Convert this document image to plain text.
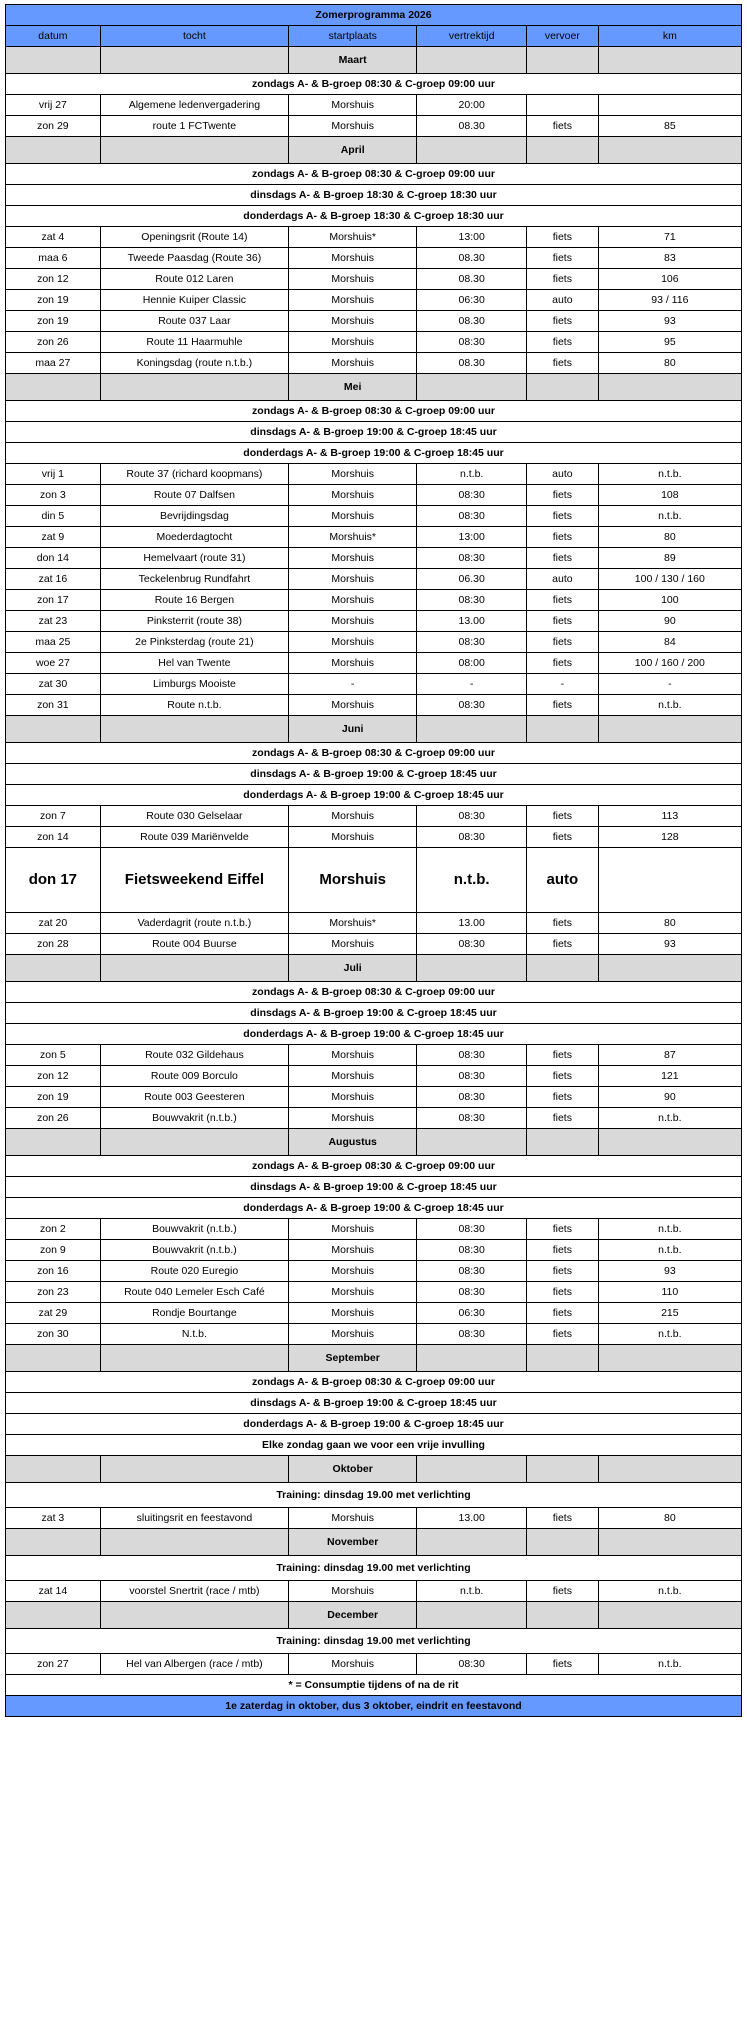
Zomerprogramma 2026					
datum	tocht	startplaats	vertrektijd	vervoer	km
		Maart			
zondags A- & B-groep 08:30 & C-groep 09:00 uur					
vrij 27	Algemene ledenvergadering	Morshuis	20:00		
zon 29	route 1 FCTwente	Morshuis	08.30	fiets	85
		April			
zondags A- & B-groep 08:30 & C-groep 09:00 uur					
dinsdags A- & B-groep 18:30 & C-groep 18:30 uur					
donderdags A- & B-groep 18:30 & C-groep 18:30 uur					
zat 4	Openingsrit (Route 14)	Morshuis*	13:00	fiets	71
maa 6	Tweede Paasdag (Route 36)	Morshuis	08.30	fiets	83
zon 12	Route 012 Laren	Morshuis	08.30	fiets	106
zon 19	Hennie Kuiper Classic	Morshuis	06:30	auto	93 / 116
zon 19	Route 037 Laar	Morshuis	08.30	fiets	93
zon 26	Route 11 Haarmuhle	Morshuis	08:30	fiets	95
maa 27	Koningsdag (route n.t.b.)	Morshuis	08.30	fiets	80
		Mei			
zondags A- & B-groep 08:30 & C-groep 09:00 uur					
dinsdags A- & B-groep 19:00 & C-groep 18:45 uur					
donderdags A- & B-groep 19:00 & C-groep 18:45 uur					
vrij 1	Route 37 (richard koopmans)	Morshuis	n.t.b.	auto	n.t.b.
zon 3	Route 07 Dalfsen	Morshuis	08:30	fiets	108
din 5	Bevrijdingsdag	Morshuis	08:30	fiets	n.t.b.
zat 9	Moederdagtocht	Morshuis*	13:00	fiets	80
don 14	Hemelvaart (route 31)	Morshuis	08:30	fiets	89
zat 16	Teckelenbrug Rundfahrt	Morshuis	06.30	auto	100 / 130 / 160
zon 17	Route 16 Bergen	Morshuis	08:30	fiets	100
zat 23	Pinksterrit (route 38)	Morshuis	13.00	fiets	90
maa 25	2e Pinksterdag (route 21)	Morshuis	08:30	fiets	84
woe 27	Hel van Twente	Morshuis	08:00	fiets	100 / 160 / 200
zat 30	Limburgs Mooiste	-	-	-	-
zon 31	Route n.t.b.	Morshuis	08:30	fiets	n.t.b.
		Juni			
zondags A- & B-groep 08:30 & C-groep 09:00 uur					
dinsdags A- & B-groep 19:00 & C-groep 18:45 uur					
donderdags A- & B-groep 19:00 & C-groep 18:45 uur					
zon 7	Route 030 Gelselaar	Morshuis	08:30	fiets	113
zon 14	Route 039 Mariënvelde	Morshuis	08:30	fiets	128
don 17	Fietsweekend Eiffel	Morshuis	n.t.b.	auto	
zat 20	Vaderdagrit (route n.t.b.)	Morshuis*	13.00	fiets	80
zon 28	Route 004 Buurse	Morshuis	08:30	fiets	93
		Juli			
zondags A- & B-groep 08:30 & C-groep 09:00 uur					
dinsdags A- & B-groep 19:00 & C-groep 18:45 uur					
donderdags A- & B-groep 19:00 & C-groep 18:45 uur					
zon 5	Route 032 Gildehaus	Morshuis	08:30	fiets	87
zon 12	Route 009 Borculo	Morshuis	08:30	fiets	121
zon 19	Route 003 Geesteren	Morshuis	08:30	fiets	90
zon 26	Bouwvakrit (n.t.b.)	Morshuis	08:30	fiets	n.t.b.
		Augustus			
zondags A- & B-groep 08:30 & C-groep 09:00 uur					
dinsdags A- & B-groep 19:00 & C-groep 18:45 uur					
donderdags A- & B-groep 19:00 & C-groep 18:45 uur					
zon 2	Bouwvakrit (n.t.b.)	Morshuis	08:30	fiets	n.t.b.
zon 9	Bouwvakrit (n.t.b.)	Morshuis	08:30	fiets	n.t.b.
zon 16	Route 020 Euregio	Morshuis	08:30	fiets	93
zon 23	Route 040 Lemeler Esch Café	Morshuis	08:30	fiets	110
zat 29	Rondje Bourtange	Morshuis	06:30	fiets	215
zon 30	N.t.b.	Morshuis	08:30	fiets	n.t.b.
		September			
zondags A- & B-groep 08:30 & C-groep 09:00 uur					
dinsdags A- & B-groep 19:00 & C-groep 18:45 uur					
donderdags A- & B-groep 19:00 & C-groep 18:45 uur					
Elke zondag gaan we voor een vrije invulling					
		Oktober			
Training: dinsdag 19.00 met verlichting					
zat 3	sluitingsrit en feestavond	Morshuis	13.00	fiets	80
		November			
Training: dinsdag 19.00 met verlichting					
zat 14	voorstel Snertrit (race / mtb)	Morshuis	n.t.b.	fiets	n.t.b.
		December			
Training: dinsdag 19.00 met verlichting					
zon 27	Hel van Albergen (race / mtb)	Morshuis	08:30	fiets	n.t.b.
* = Consumptie tijdens of na de rit					
1e zaterdag in oktober, dus 3 oktober, eindrit en feestavond					
